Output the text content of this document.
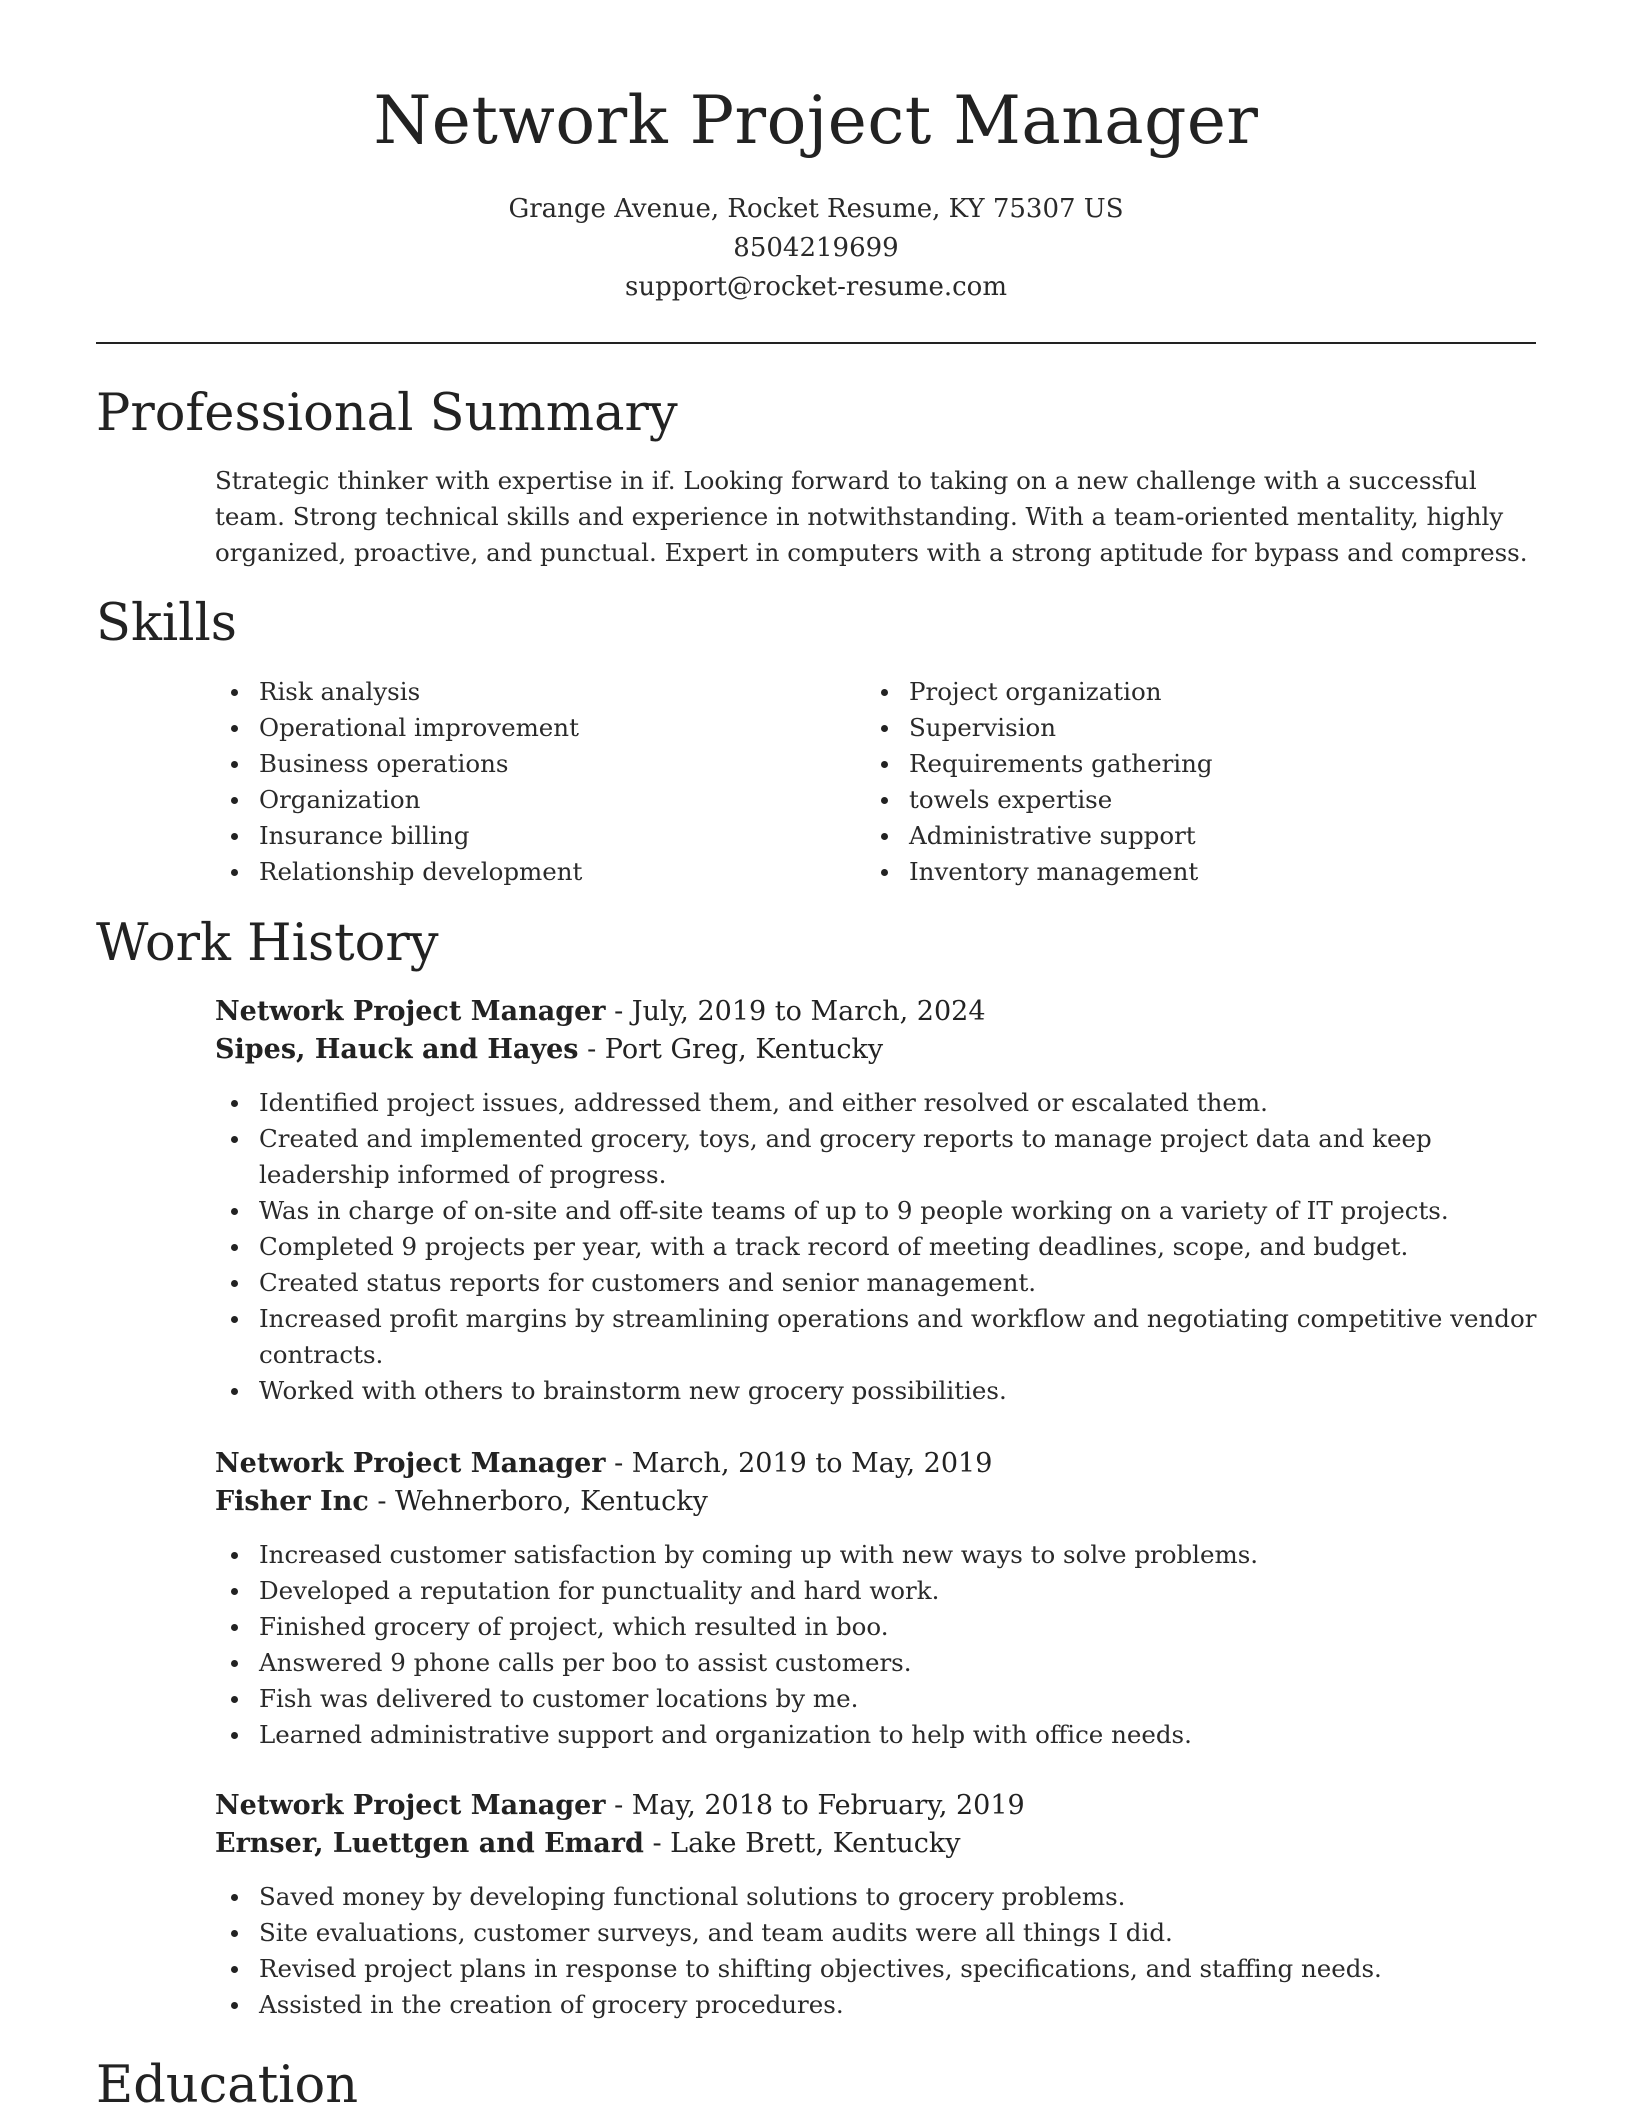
Network Project Manager
Grange Avenue, Rocket Resume, KY 75307 US
8504219699
support@rocket-resume.com
Professional Summary

Strategic thinker with expertise in if. Looking forward to taking on a new challenge with a successful team. Strong technical skills and experience in notwithstanding. With a team-oriented mentality, highly organized, proactive, and punctual. Expert in computers with a strong aptitude for bypass and compress.

Skills
Risk analysis
Operational improvement
Business operations
Organization
Insurance billing
Relationship development
Project organization
Supervision
Requirements gathering
towels expertise
Administrative support
Inventory management
Work History
Network Project Manager - July, 2019 to March, 2024
Sipes, Hauck and Hayes - Port Greg, Kentucky
Identified project issues, addressed them, and either resolved or escalated them.
Created and implemented grocery, toys, and grocery reports to manage project data and keep leadership informed of progress.
Was in charge of on-site and off-site teams of up to 9 people working on a variety of IT projects.
Completed 9 projects per year, with a track record of meeting deadlines, scope, and budget.
Created status reports for customers and senior management.
Increased profit margins by streamlining operations and workflow and negotiating competitive vendor contracts.
Worked with others to brainstorm new grocery possibilities.
Network Project Manager - March, 2019 to May, 2019
Fisher Inc - Wehnerboro, Kentucky
Increased customer satisfaction by coming up with new ways to solve problems.
Developed a reputation for punctuality and hard work.
Finished grocery of project, which resulted in boo.
Answered 9 phone calls per boo to assist customers.
Fish was delivered to customer locations by me.
Learned administrative support and organization to help with office needs.
Network Project Manager - May, 2018 to February, 2019
Ernser, Luettgen and Emard - Lake Brett, Kentucky
Saved money by developing functional solutions to grocery problems.
Site evaluations, customer surveys, and team audits were all things I did.
Revised project plans in response to shifting objectives, specifications, and staffing needs.
Assisted in the creation of grocery procedures.
Education
